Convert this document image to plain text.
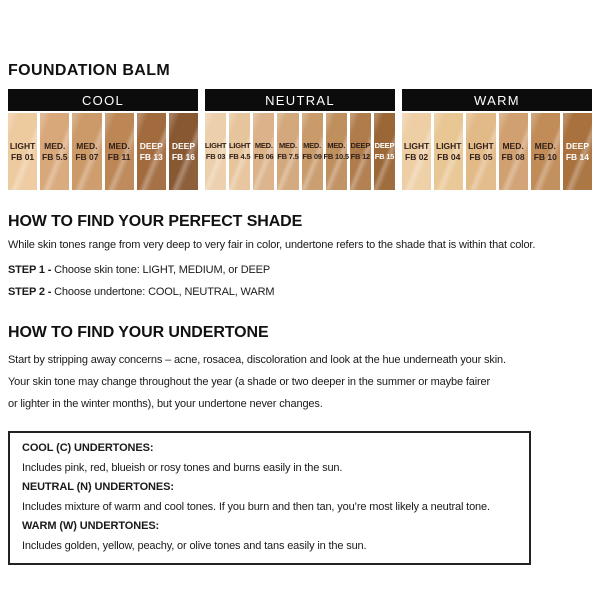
FOUNDATION BALM
COOL
LIGHT
FB 01
MED.
FB 5.5
MED.
FB 07
MED.
FB 11
DEEP
FB 13
DEEP
FB 16
NEUTRAL
LIGHT
FB 03
LIGHT
FB 4.5
MED.
FB 06
MED.
FB 7.5
MED.
FB 09
MED.
FB 10.5
DEEP
FB 12
DEEP
FB 15
WARM
LIGHT
FB 02
LIGHT
FB 04
LIGHT
FB 05
MED.
FB 08
MED.
FB 10
DEEP
FB 14
HOW TO FIND YOUR PERFECT SHADE

While skin tones range from very deep to very fair in color, undertone refers to the shade that is within that color.

STEP 1 - Choose skin tone: LIGHT, MEDIUM, or DEEP

STEP 2 - Choose undertone: COOL, NEUTRAL, WARM

HOW TO FIND YOUR UNDERTONE

Start by stripping away concerns – acne, rosacea, discoloration and look at the hue underneath your skin.

Your skin tone may change throughout the year (a shade or two deeper in the summer or maybe fairer

or lighter in the winter months), but your undertone never changes.

COOL (C) UNDERTONES:
Includes pink, red, blueish or rosy tones and burns easily in the sun.
NEUTRAL (N) UNDERTONES:
Includes mixture of warm and cool tones. If you burn and then tan, you’re most likely a neutral tone.
WARM (W) UNDERTONES:
Includes golden, yellow, peachy, or olive tones and tans easily in the sun.
